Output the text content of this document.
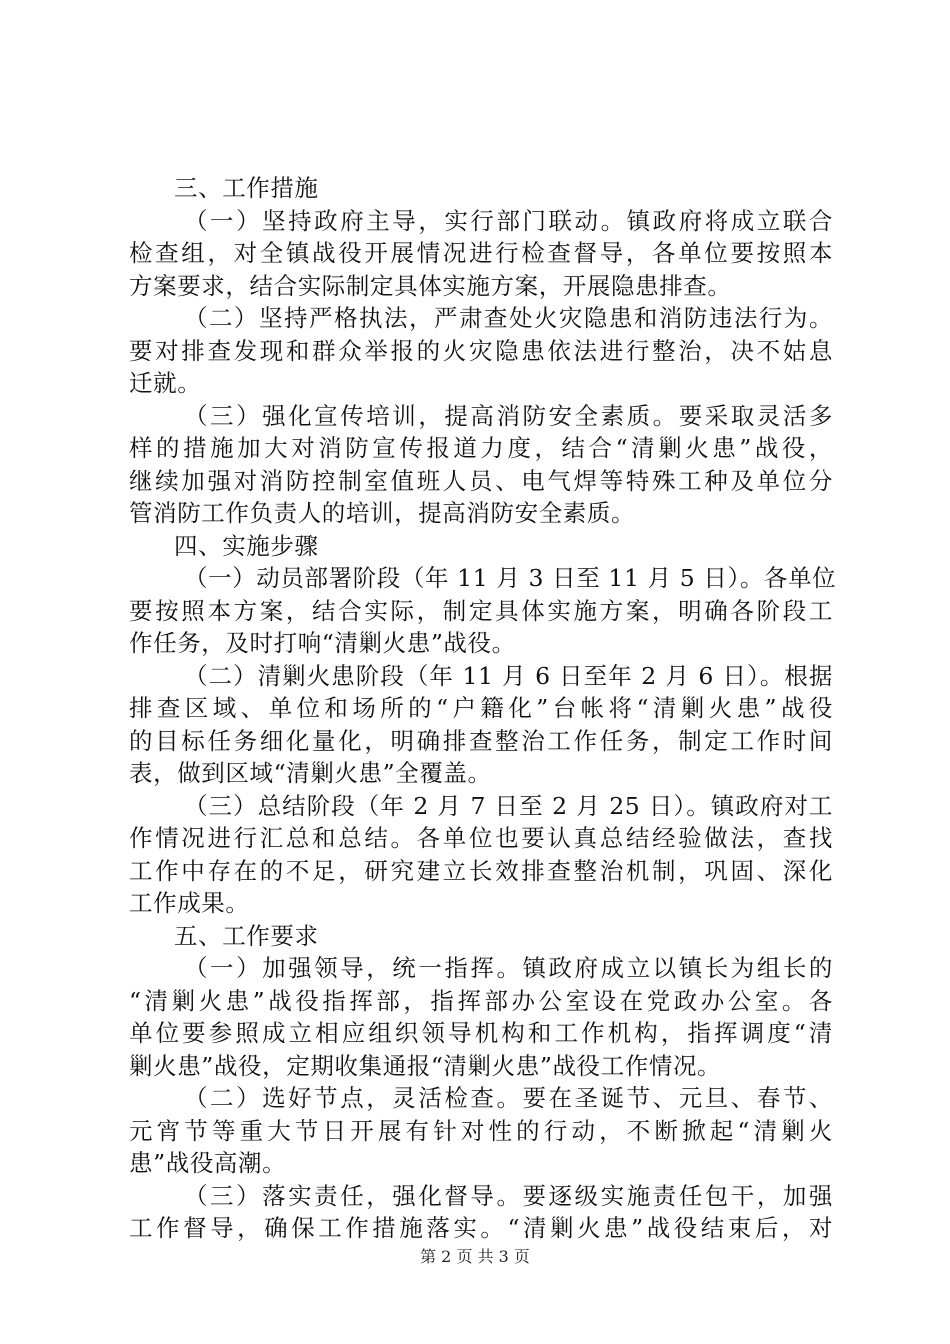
三、工作措施
（一）坚持政府主导，实行部门联动。镇政府将成立联合
检查组，对全镇战役开展情况进行检查督导，各单位要按照本
方案要求，结合实际制定具体实施方案，开展隐患排查。
（二）坚持严格执法，严肃查处火灾隐患和消防违法行为。
要对排查发现和群众举报的火灾隐患依法进行整治，决不姑息
迁就。
（三）强化宣传培训，提高消防安全素质。要采取灵活多
样的措施加大对消防宣传报道力度，结合“清剿火患”战役，
继续加强对消防控制室值班人员、电气焊等特殊工种及单位分
管消防工作负责人的培训，提高消防安全素质。
四、实施步骤
（一）动员部署阶段（年 11 月 3 日至 11 月 5 日）。各单位
要按照本方案，结合实际，制定具体实施方案，明确各阶段工
作任务，及时打响“清剿火患”战役。
（二）清剿火患阶段（年 11 月 6 日至年 2 月 6 日）。根据
排查区域、单位和场所的“户籍化”台帐将“清剿火患”战役
的目标任务细化量化，明确排查整治工作任务，制定工作时间
表，做到区域“清剿火患”全覆盖。
（三）总结阶段（年 2 月 7 日至 2 月 25 日）。镇政府对工
作情况进行汇总和总结。各单位也要认真总结经验做法，查找
工作中存在的不足，研究建立长效排查整治机制，巩固、深化
工作成果。
五、工作要求
（一）加强领导，统一指挥。镇政府成立以镇长为组长的
“清剿火患”战役指挥部，指挥部办公室设在党政办公室。各
单位要参照成立相应组织领导机构和工作机构，指挥调度“清
剿火患”战役，定期收集通报“清剿火患”战役工作情况。
（二）选好节点，灵活检查。要在圣诞节、元旦、春节、
元宵节等重大节日开展有针对性的行动，不断掀起“清剿火
患”战役高潮。
（三）落实责任，强化督导。要逐级实施责任包干，加强
工作督导，确保工作措施落实。“清剿火患”战役结束后，对
第 2 页 共 3 页
